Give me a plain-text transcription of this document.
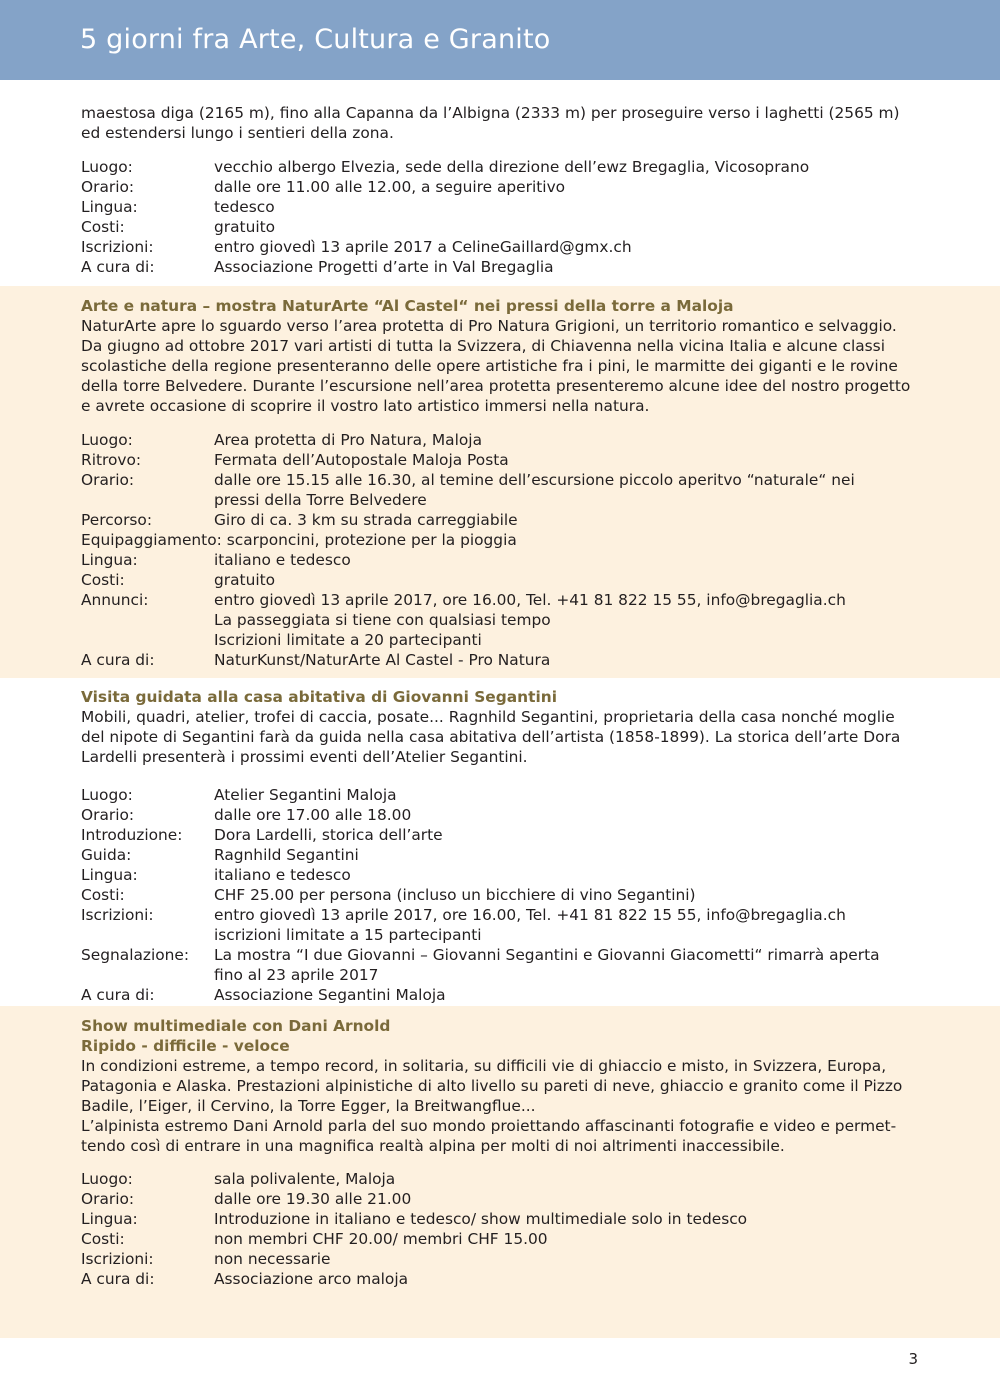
5 giorni fra Arte, Cultura e Granito

maestosa diga (2165 m), fino alla Capanna da l’Albigna (2333 m) per proseguire verso i laghetti (2565 m)

ed estendersi lungo i sentieri della zona.

Luogo:	vecchio albergo Elvezia, sede della direzione dell’ewz Bregaglia, Vicosoprano
Orario:	dalle ore 11.00 alle 12.00, a seguire aperitivo
Lingua:	tedesco
Costi:	gratuito
Iscrizioni:	entro giovedì 13 aprile 2017 a CelineGaillard@gmx.ch
A cura di:	Associazione Progetti d’arte in Val Bregaglia

Arte e natura – mostra NaturArte “Al Castel“ nei pressi della torre a Maloja

NaturArte apre lo sguardo verso l’area protetta di Pro Natura Grigioni, un territorio romantico e selvaggio.

Da giugno ad ottobre 2017 vari artisti di tutta la Svizzera, di Chiavenna nella vicina Italia e alcune classi

scolastiche della regione presenteranno delle opere artistiche fra i pini, le marmitte dei giganti e le rovine

della torre Belvedere. Durante l’escursione nell’area protetta presenteremo alcune idee del nostro progetto

e avrete occasione di scoprire il vostro lato artistico immersi nella natura.

Luogo:	Area protetta di Pro Natura, Maloja
Ritrovo:	Fermata dell’Autopostale Maloja Posta
Orario:	dalle ore 15.15 alle 16.30, al temine dell’escursione piccolo aperitvo “naturale“ nei
pressi della Torre Belvedere

Percorso:	Giro di ca. 3 km su strada carreggiabile
Equipaggiamento: scarponcini, protezione per la pioggia	
Lingua:	italiano e tedesco
Costi:	gratuito
Annunci:	entro giovedì 13 aprile 2017, ore 16.00, Tel. +41 81 822 15 55, info@bregaglia.ch
La passeggiata si tiene con qualsiasi tempo
Iscrizioni limitate a 20 partecipanti

A cura di:	NaturKunst/NaturArte Al Castel - Pro Natura

Visita guidata alla casa abitativa di Giovanni Segantini

Mobili, quadri, atelier, trofei di caccia, posate... Ragnhild Segantini, proprietaria della casa nonché moglie

del nipote di Segantini farà da guida nella casa abitativa dell’artista (1858-1899). La storica dell’arte Dora

Lardelli presenterà i prossimi eventi dell’Atelier Segantini.

Luogo:	Atelier Segantini Maloja
Orario:	dalle ore 17.00 alle 18.00
Introduzione:	Dora Lardelli, storica dell’arte
Guida:	Ragnhild Segantini
Lingua:	italiano e tedesco
Costi:	CHF 25.00 per persona (incluso un bicchiere di vino Segantini)
Iscrizioni:	entro giovedì 13 aprile 2017, ore 16.00, Tel. +41 81 822 15 55, info@bregaglia.ch
iscrizioni limitate a 15 partecipanti

Segnalazione:	La mostra “I due Giovanni – Giovanni Segantini e Giovanni Giacometti“ rimarrà aperta
fino al 23 aprile 2017

A cura di:	Associazione Segantini Maloja

Show multimediale con Dani Arnold

Ripido - difficile - veloce

In condizioni estreme, a tempo record, in solitaria, su difficili vie di ghiaccio e misto, in Svizzera, Europa,

Patagonia e Alaska. Prestazioni alpinistiche di alto livello su pareti di neve, ghiaccio e granito come il Pizzo

Badile, l’Eiger, il Cervino, la Torre Egger, la Breitwangflue...

L’alpinista estremo Dani Arnold parla del suo mondo proiettando affascinanti fotografie e video e permet-

tendo così di entrare in una magnifica realtà alpina per molti di noi altrimenti inaccessibile.

Luogo:	sala polivalente, Maloja
Orario:	dalle ore 19.30 alle 21.00
Lingua:	Introduzione in italiano e tedesco/ show multimediale solo in tedesco
Costi:	non membri CHF 20.00/ membri CHF 15.00
Iscrizioni:	non necessarie
A cura di:	Associazione arco maloja
3
